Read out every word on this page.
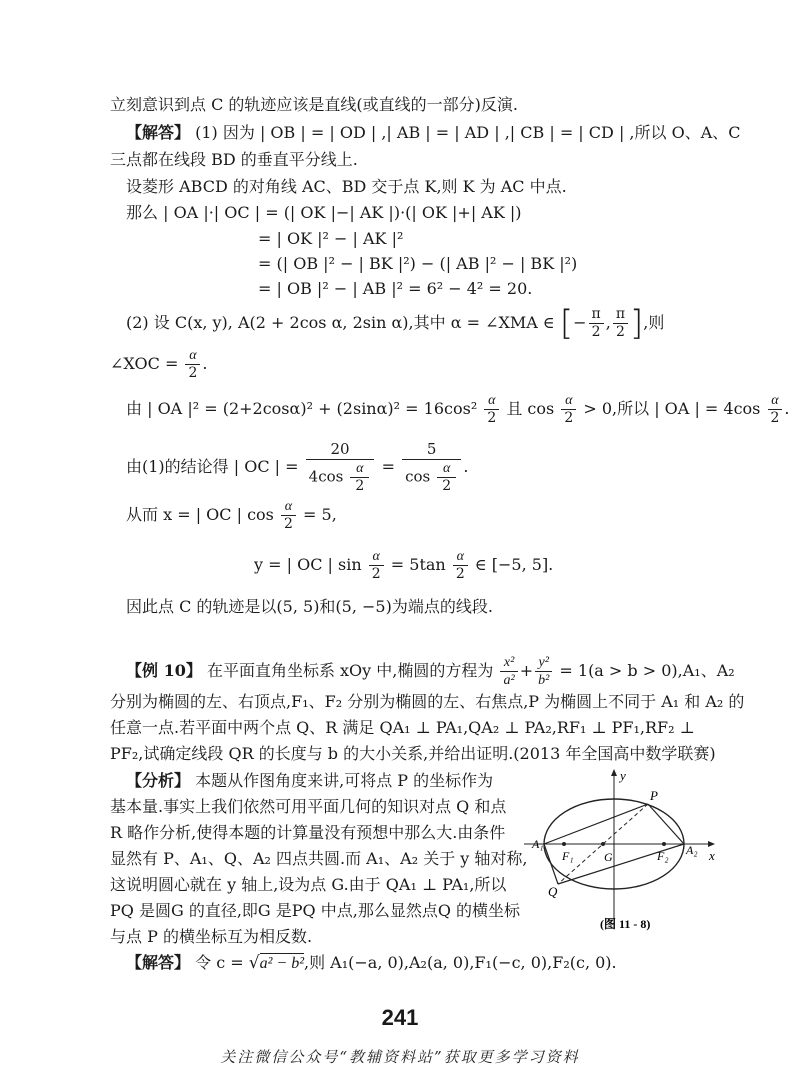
立刻意识到点 C 的轨迹应该是直线(或直线的一部分)反演.
【解答】 (1) 因为 | OB | = | OD | ,| AB | = | AD | ,| CB | = | CD | ,所以 O、A、C
三点都在线段 BD 的垂直平分线上.
设菱形 ABCD 的对角线 AC、BD 交于点 K,则 K 为 AC 中点.
那么 | OA |·| OC | = (| OK |−| AK |)·(| OK |+| AK |)
= | OK |² − | AK |²
= (| OB |² − | BK |²) − (| AB |² − | BK |²)
= | OB |² − | AB |² = 6² − 4² = 20.
(2) 设 C(x, y), A(2 + 2cos α, 2sin α),其中 α = ∠XMA ∈ [− $\frac{\pi}{2}$ , $\frac{\pi}{2}$ ],则
∠XOC = $\frac{\alpha}{2}$ .
由 | OA $|^2 = (2+2\cos\alpha)^2 + (2\sin\alpha)^2 = 16\cos^2 \frac{\alpha}{2}$ 且 $\cos \frac{\alpha}{2} > 0$,所以 | OA | = $4\cos \frac{\alpha}{2}$ .
由(1)的结论得 | OC | = $\frac{20}{4\cos \frac{\alpha}{2}} = \frac{5}{\cos \frac{\alpha}{2}}$ .
从而 x = | OC | $\cos \frac{\alpha}{2} = 5$,
y = | OC | $\sin \frac{\alpha}{2} = 5\tan \frac{\alpha}{2}$ ∈ [−5, 5].
因此点 C 的轨迹是以(5, 5)和(5, −5)为端点的线段.
【例 10】 在平面直角坐标系 xOy 中,椭圆的方程为 $\frac{\text{x²}}{\text{a²}} + \frac{\text{y²}}{\text{b²}} = 1(a > b > 0),A_1$、A₂
分别为椭圆的左、右顶点,F₁、F₂ 分别为椭圆的左、右焦点,P 为椭圆上不同于 A₁ 和 A₂ 的
任意一点.若平面中两个点 Q、R 满足 QA₁ ⊥ PA₁,QA₂ ⊥ PA₂,RF₁ ⊥ PF₁,RF₂ ⊥
PF₂,试确定线段 QR 的长度与 b 的大小关系,并给出证明.(2013 年全国高中数学联赛)
【分析】 本题从作图角度来讲,可将点 P 的坐标作为
基本量.事实上我们依然可用平面几何的知识对点 Q 和点
R 略作分析,使得本题的计算量没有预想中那么大.由条件
显然有 P、A₁、Q、A₂ 四点共圆.而 A₁、A₂ 关于 y 轴对称,
这说明圆心就在 y 轴上,设为点 G.由于 QA₁ ⊥ PA₁,所以
PQ 是圆G 的直径,即G 是PQ 中点,那么显然点Q 的横坐标
与点 P 的横坐标互为相反数.
y
x
P
A₁	A₂
F₁	F₂
G
Q
(图 11 - 8)
【解答】 令 c = √a² − b²,则 A₁(−a, 0),A₂(a, 0),F₁(−c, 0),F₂(c, 0).
241
关注微信公众号“教辅资料站”获取更多学习资料
